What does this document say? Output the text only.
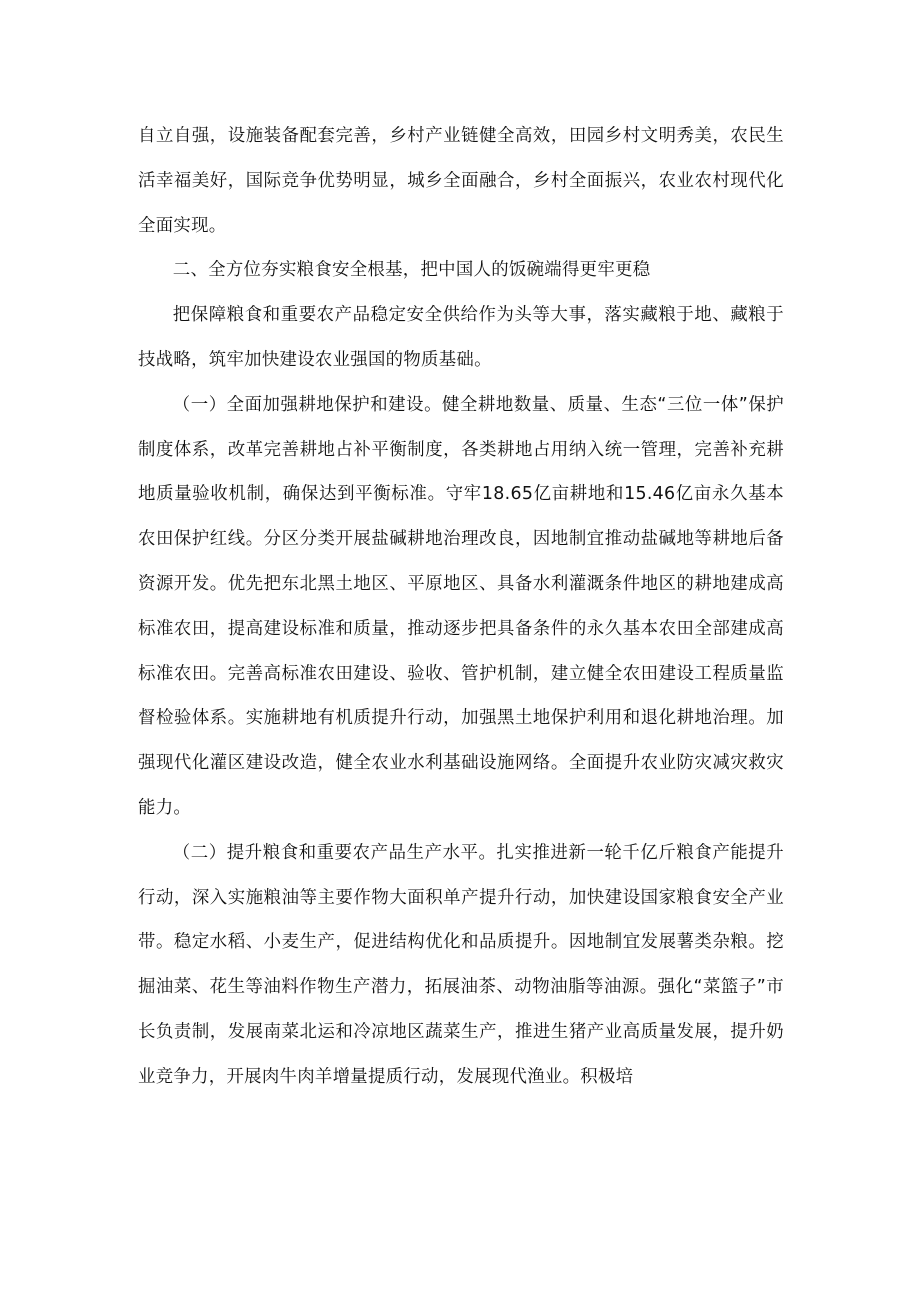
自立自强，设施装备配套完善，乡村产业链健全高效，田园乡村文明秀美，农民生活幸福美好，国际竞争优势明显，城乡全面融合，乡村全面振兴，农业农村现代化全面实现。

二、全方位夯实粮食安全根基，把中国人的饭碗端得更牢更稳

把保障粮食和重要农产品稳定安全供给作为头等大事，落实藏粮于地、藏粮于技战略，筑牢加快建设农业强国的物质基础。

（一）全面加强耕地保护和建设。健全耕地数量、质量、生态“三位一体”保护制度体系，改革完善耕地占补平衡制度，各类耕地占用纳入统一管理，完善补充耕地质量验收机制，确保达到平衡标准。守牢18.65亿亩耕地和15.46亿亩永久基本农田保护红线。分区分类开展盐碱耕地治理改良，因地制宜推动盐碱地等耕地后备资源开发。优先把东北黑土地区、平原地区、具备水利灌溉条件地区的耕地建成高标准农田，提高建设标准和质量，推动逐步把具备条件的永久基本农田全部建成高标准农田。完善高标准农田建设、验收、管护机制，建立健全农田建设工程质量监督检验体系。实施耕地有机质提升行动，加强黑土地保护利用和退化耕地治理。加强现代化灌区建设改造，健全农业水利基础设施网络。全面提升农业防灾减灾救灾能力。

（二）提升粮食和重要农产品生产水平。扎实推进新一轮千亿斤粮食产能提升行动，深入实施粮油等主要作物大面积单产提升行动，加快建设国家粮食安全产业带。稳定水稻、小麦生产，促进结构优化和品质提升。因地制宜发展薯类杂粮。挖掘油菜、花生等油料作物生产潜力，拓展油茶、动物油脂等油源。强化“菜篮子”市长负责制，发展南菜北运和冷凉地区蔬菜生产，推进生猪产业高质量发展，提升奶业竞争力，开展肉牛肉羊增量提质行动，发展现代渔业。积极培
